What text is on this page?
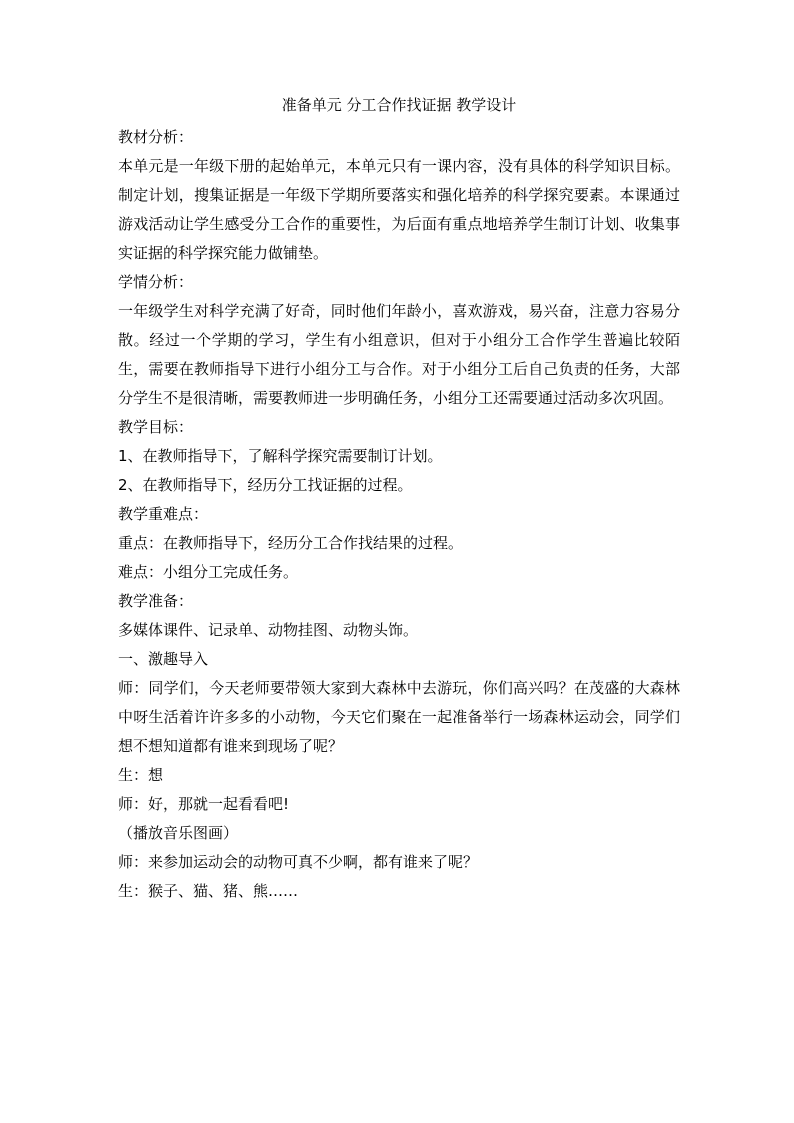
准备单元 分工合作找证据 教学设计

教材分析：

本单元是一年级下册的起始单元，本单元只有一课内容，没有具体的科学知识目标。制定计划，搜集证据是一年级下学期所要落实和强化培养的科学探究要素。本课通过游戏活动让学生感受分工合作的重要性，为后面有重点地培养学生制订计划、收集事实证据的科学探究能力做铺垫。

学情分析：

一年级学生对科学充满了好奇，同时他们年龄小，喜欢游戏，易兴奋，注意力容易分散。经过一个学期的学习，学生有小组意识，但对于小组分工合作学生普遍比较陌生，需要在教师指导下进行小组分工与合作。对于小组分工后自己负责的任务，大部分学生不是很清晰，需要教师进一步明确任务，小组分工还需要通过活动多次巩固。

教学目标：

1、在教师指导下，了解科学探究需要制订计划。

2、在教师指导下，经历分工找证据的过程。

教学重难点：

重点：在教师指导下，经历分工合作找结果的过程。

难点：小组分工完成任务。

教学准备：

多媒体课件、记录单、动物挂图、动物头饰。

一、激趣导入

师：同学们，今天老师要带领大家到大森林中去游玩，你们高兴吗？在茂盛的大森林中呀生活着许许多多的小动物，今天它们聚在一起准备举行一场森林运动会，同学们想不想知道都有谁来到现场了呢？

生：想

师：好，那就一起看看吧!

（播放音乐图画）

师：来参加运动会的动物可真不少啊，都有谁来了呢？

生：猴子、猫、猪、熊……
